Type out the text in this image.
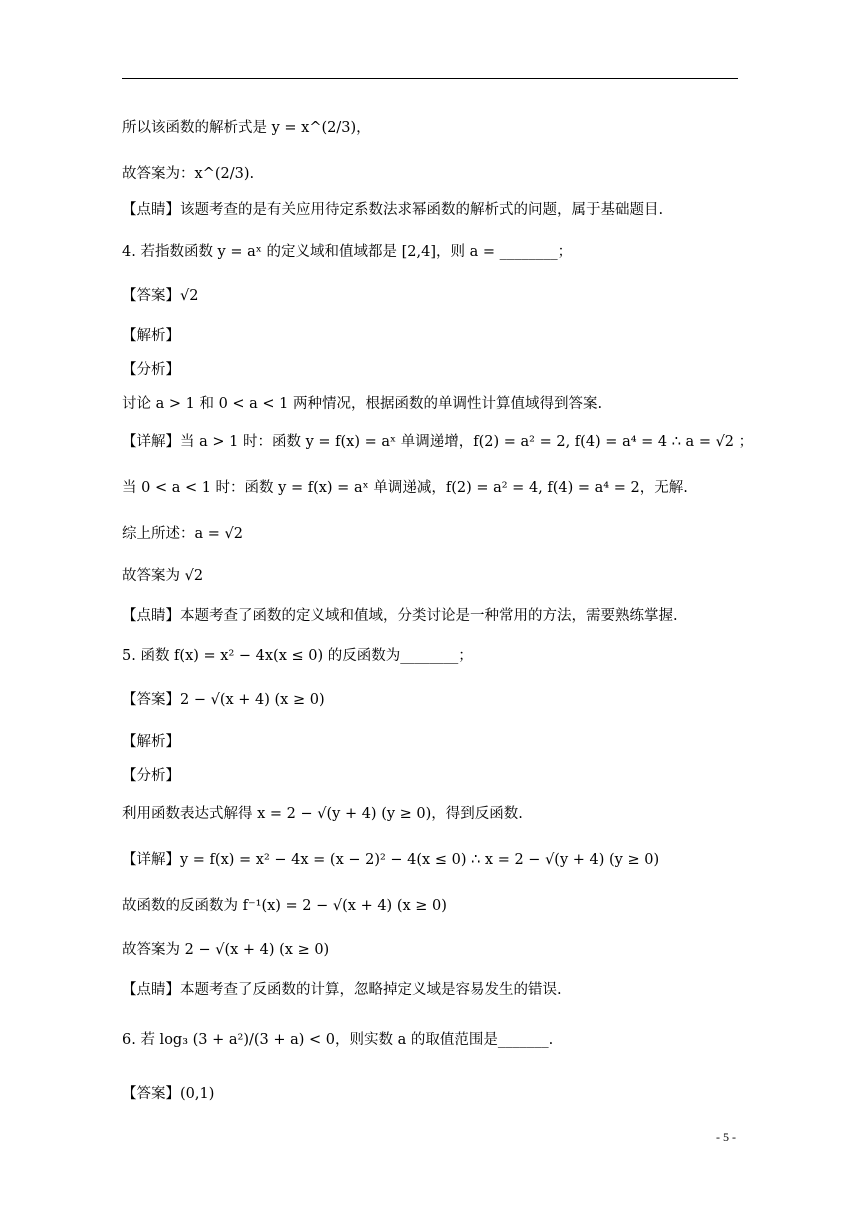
所以该函数的解析式是 y = x^(2/3)，
故答案为：x^(2/3).
【点睛】该题考查的是有关应用待定系数法求幂函数的解析式的问题，属于基础题目.
4. 若指数函数 y = aˣ 的定义域和值域都是 [2,4]，则 a = ________；
【答案】√2
【解析】
【分析】
讨论 a > 1 和 0 < a < 1 两种情况，根据函数的单调性计算值域得到答案.
【详解】当 a > 1 时：函数 y = f(x) = aˣ 单调递增，f(2) = a² = 2, f(4) = a⁴ = 4 ∴ a = √2 ；
当 0 < a < 1 时：函数 y = f(x) = aˣ 单调递减，f(2) = a² = 4, f(4) = a⁴ = 2，无解.
综上所述：a = √2
故答案为 √2
【点睛】本题考查了函数的定义域和值域，分类讨论是一种常用的方法，需要熟练掌握.
5. 函数 f(x) = x² − 4x(x ≤ 0) 的反函数为________；
【答案】2 − √(x + 4) (x ≥ 0)
【解析】
【分析】
利用函数表达式解得 x = 2 − √(y + 4) (y ≥ 0)，得到反函数.
【详解】y = f(x) = x² − 4x = (x − 2)² − 4(x ≤ 0) ∴ x = 2 − √(y + 4) (y ≥ 0)
故函数的反函数为 f⁻¹(x) = 2 − √(x + 4) (x ≥ 0)
故答案为 2 − √(x + 4) (x ≥ 0)
【点睛】本题考查了反函数的计算，忽略掉定义域是容易发生的错误.
6. 若 log₃ (3 + a²)/(3 + a) < 0，则实数 a 的取值范围是_______.
【答案】(0,1)
- 5 -
